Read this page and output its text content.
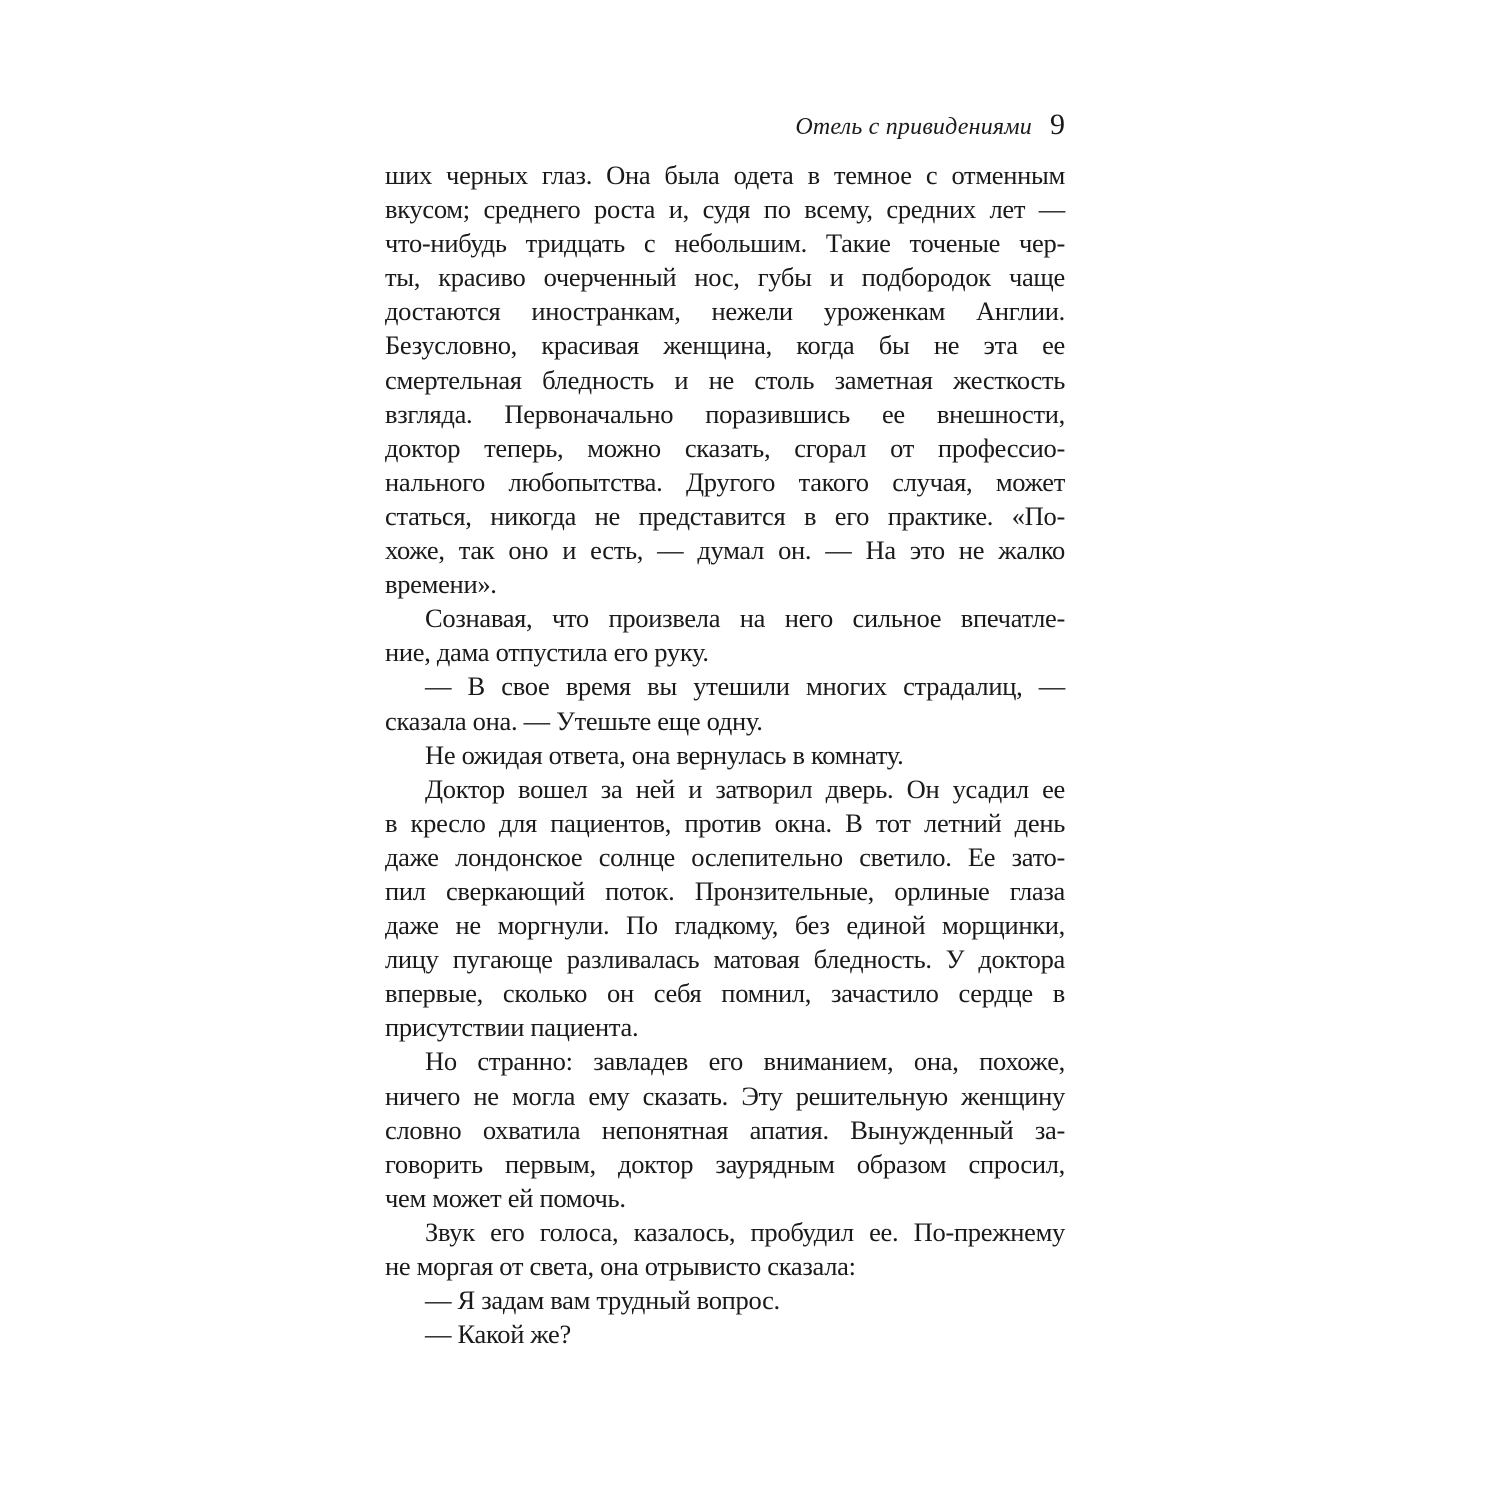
Отель с привидениями 9
ших черных глаз. Она была одета в темное с отменным
вкусом; среднего роста и, судя по всему, средних лет —
что-нибудь тридцать с небольшим. Такие точеные чер-
ты, красиво очерченный нос, губы и подбородок чаще
достаются иностранкам, нежели уроженкам Англии.
Безусловно, красивая женщина, когда бы не эта ее
смертельная бледность и не столь заметная жесткость
взгляда. Первоначально поразившись ее внешности,
доктор теперь, можно сказать, сгорал от профессио-
нального любопытства. Другого такого случая, может
статься, никогда не представится в его практике. «По-
хоже, так оно и есть, — думал он. — На это не жалко
времени».
Сознавая, что произвела на него сильное впечатле-
ние, дама отпустила его руку.
— В свое время вы утешили многих страдалиц, —
сказала она. — Утешьте еще одну.
Не ожидая ответа, она вернулась в комнату.
Доктор вошел за ней и затворил дверь. Он усадил ее
в кресло для пациентов, против окна. В тот летний день
даже лондонское солнце ослепительно светило. Ее зато-
пил сверкающий поток. Пронзительные, орлиные глаза
даже не моргнули. По гладкому, без единой морщинки,
лицу пугающе разливалась матовая бледность. У доктора
впервые, сколько он себя помнил, зачастило сердце в
присутствии пациента.
Но странно: завладев его вниманием, она, похоже,
ничего не могла ему сказать. Эту решительную женщину
словно охватила непонятная апатия. Вынужденный за-
говорить первым, доктор заурядным образом спросил,
чем может ей помочь.
Звук его голоса, казалось, пробудил ее. По-прежнему
не моргая от света, она отрывисто сказала:
— Я задам вам трудный вопрос.
— Какой же?
